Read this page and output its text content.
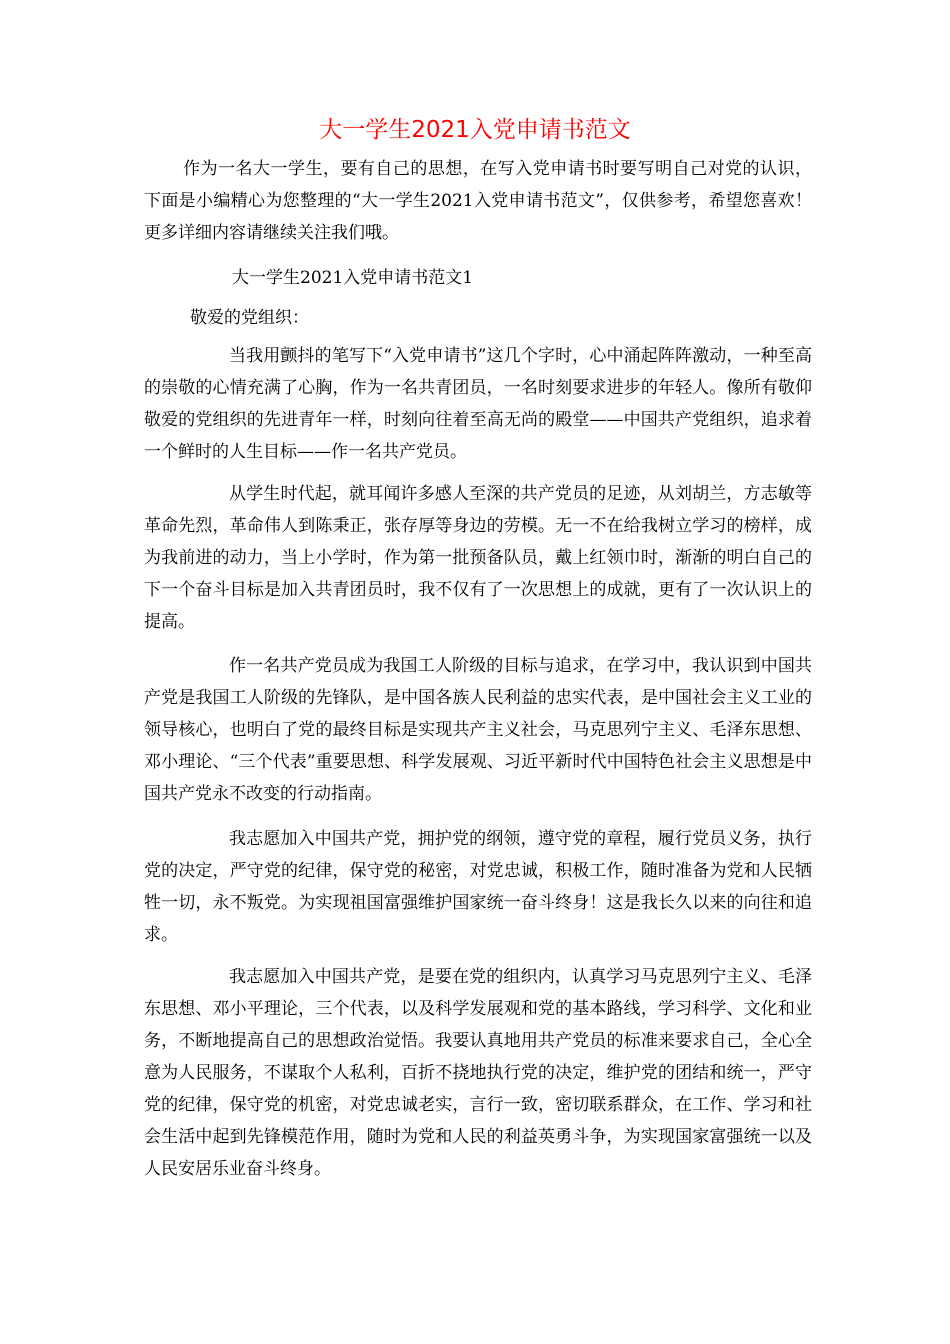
大一学生2021入党申请书范文

作为一名大一学生，要有自己的思想，在写入党申请书时要写明自己对党的认识，下面是小编精心为您整理的“大一学生2021入党申请书范文”，仅供参考，希望您喜欢！更多详细内容请继续关注我们哦。

大一学生2021入党申请书范文1

敬爱的党组织：

当我用颤抖的笔写下“入党申请书”这几个字时，心中涌起阵阵激动，一种至高的崇敬的心情充满了心胸，作为一名共青团员，一名时刻要求进步的年轻人。像所有敬仰敬爱的党组织的先进青年一样，时刻向往着至高无尚的殿堂——中国共产党组织，追求着一个鲜时的人生目标——作一名共产党员。

从学生时代起，就耳闻许多感人至深的共产党员的足迹，从刘胡兰，方志敏等革命先烈，革命伟人到陈秉正，张存厚等身边的劳模。无一不在给我树立学习的榜样，成为我前进的动力，当上小学时，作为第一批预备队员，戴上红领巾时，渐渐的明白自己的下一个奋斗目标是加入共青团员时，我不仅有了一次思想上的成就，更有了一次认识上的提高。

作一名共产党员成为我国工人阶级的目标与追求，在学习中，我认识到中国共产党是我国工人阶级的先锋队，是中国各族人民利益的忠实代表，是中国社会主义工业的领导核心，也明白了党的最终目标是实现共产主义社会，马克思列宁主义、毛泽东思想、邓小理论、“三个代表”重要思想、科学发展观、习近平新时代中国特色社会主义思想是中国共产党永不改变的行动指南。

我志愿加入中国共产党，拥护党的纲领，遵守党的章程，履行党员义务，执行党的决定，严守党的纪律，保守党的秘密，对党忠诚，积极工作，随时准备为党和人民牺牲一切，永不叛党。为实现祖国富强维护国家统一奋斗终身！这是我长久以来的向往和追求。

我志愿加入中国共产党，是要在党的组织内，认真学习马克思列宁主义、毛泽东思想、邓小平理论，三个代表，以及科学发展观和党的基本路线，学习科学、文化和业务，不断地提高自己的思想政治觉悟。我要认真地用共产党员的标准来要求自己，全心全意为人民服务，不谋取个人私利，百折不挠地执行党的决定，维护党的团结和统一，严守党的纪律，保守党的机密，对党忠诚老实，言行一致，密切联系群众，在工作、学习和社会生活中起到先锋模范作用，随时为党和人民的利益英勇斗争，为实现国家富强统一以及人民安居乐业奋斗终身。
